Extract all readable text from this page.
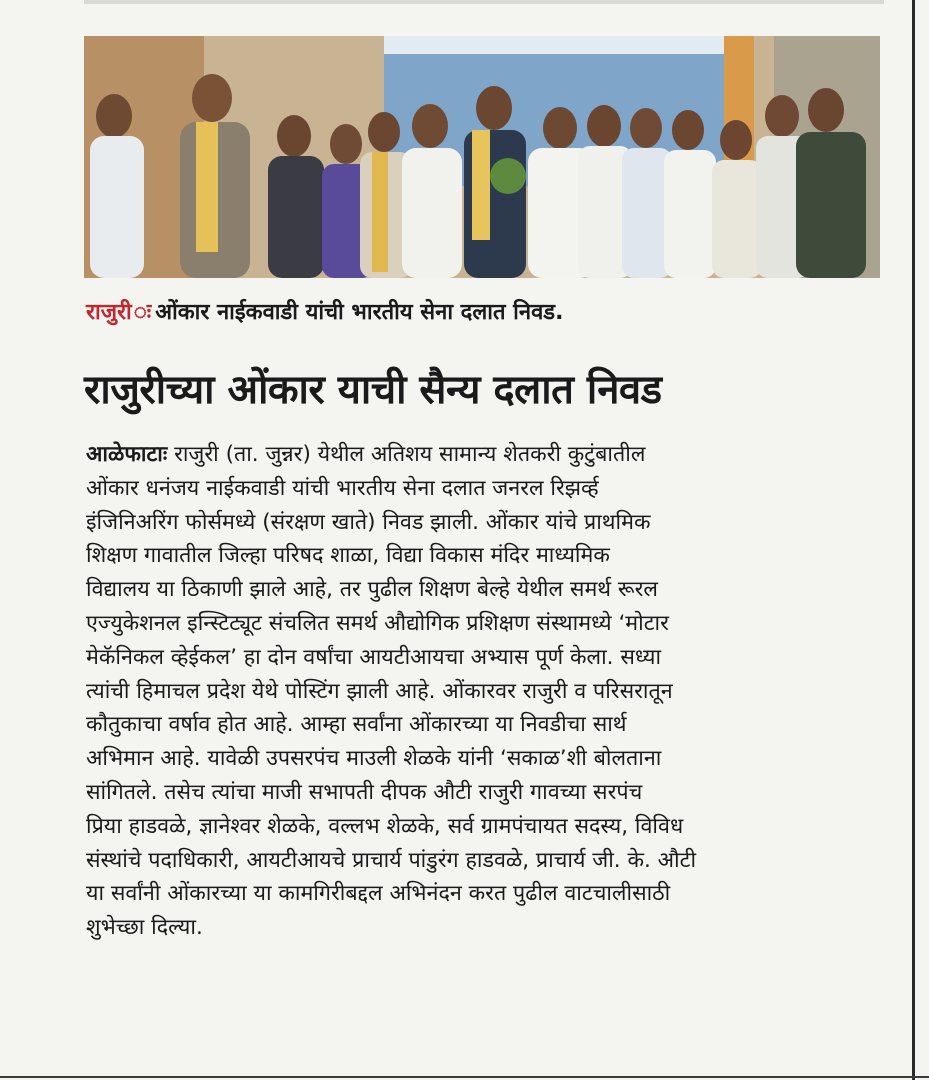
राजुरीः ओंकार नाईकवाडी यांची भारतीय सेना दलात निवड.
राजुरीच्या ओंकार याची सैन्य दलात निवड
आळेफाटा राजुरी (ता. जुन्नर) येथील अतिशय सामान्य शेतकरी कुटुंबातील
ओंकार धनंजय नाईकवाडी यांची भारतीय सेना दलात जनरल रिझर्व्ह
इंजिनिअरिंग फोर्समध्ये (संरक्षण खाते) निवड झाली. ओंकार यांचे प्राथमिक
शिक्षण गावातील जिल्हा परिषद शाळा, विद्या विकास मंदिर माध्यमिक
विद्यालय या ठिकाणी झाले आहे, तर पुढील शिक्षण बेल्हे येथील समर्थ रूरल
एज्युकेशनल इन्स्टिट्यूट संचलित समर्थ औद्योगिक प्रशिक्षण संस्थामध्ये ‘मोटार
मेकॅनिकल व्हेईकल’ हा दोन वर्षांचा आयटीआयचा अभ्यास पूर्ण केला. सध्या
त्यांची हिमाचल प्रदेश येथे पोस्टिंग झाली आहे. ओंकारवर राजुरी व परिसरातून
कौतुकाचा वर्षाव होत आहे. आम्हा सर्वांना ओंकारच्या या निवडीचा सार्थ
अभिमान आहे. यावेळी उपसरपंच माउली शेळके यांनी ‘सकाळ’शी बोलताना
सांगितले. तसेच त्यांचा माजी सभापती दीपक औटी राजुरी गावच्या सरपंच
प्रिया हाडवळे, ज्ञानेश्वर शेळके, वल्लभ शेळके, सर्व ग्रामपंचायत सदस्य, विविध
संस्थांचे पदाधिकारी, आयटीआयचे प्राचार्य पांडुरंग हाडवळे, प्राचार्य जी. के. औटी
या सर्वांनी ओंकारच्या या कामगिरीबद्दल अभिनंदन करत पुढील वाटचालीसाठी
शुभेच्छा दिल्या.
